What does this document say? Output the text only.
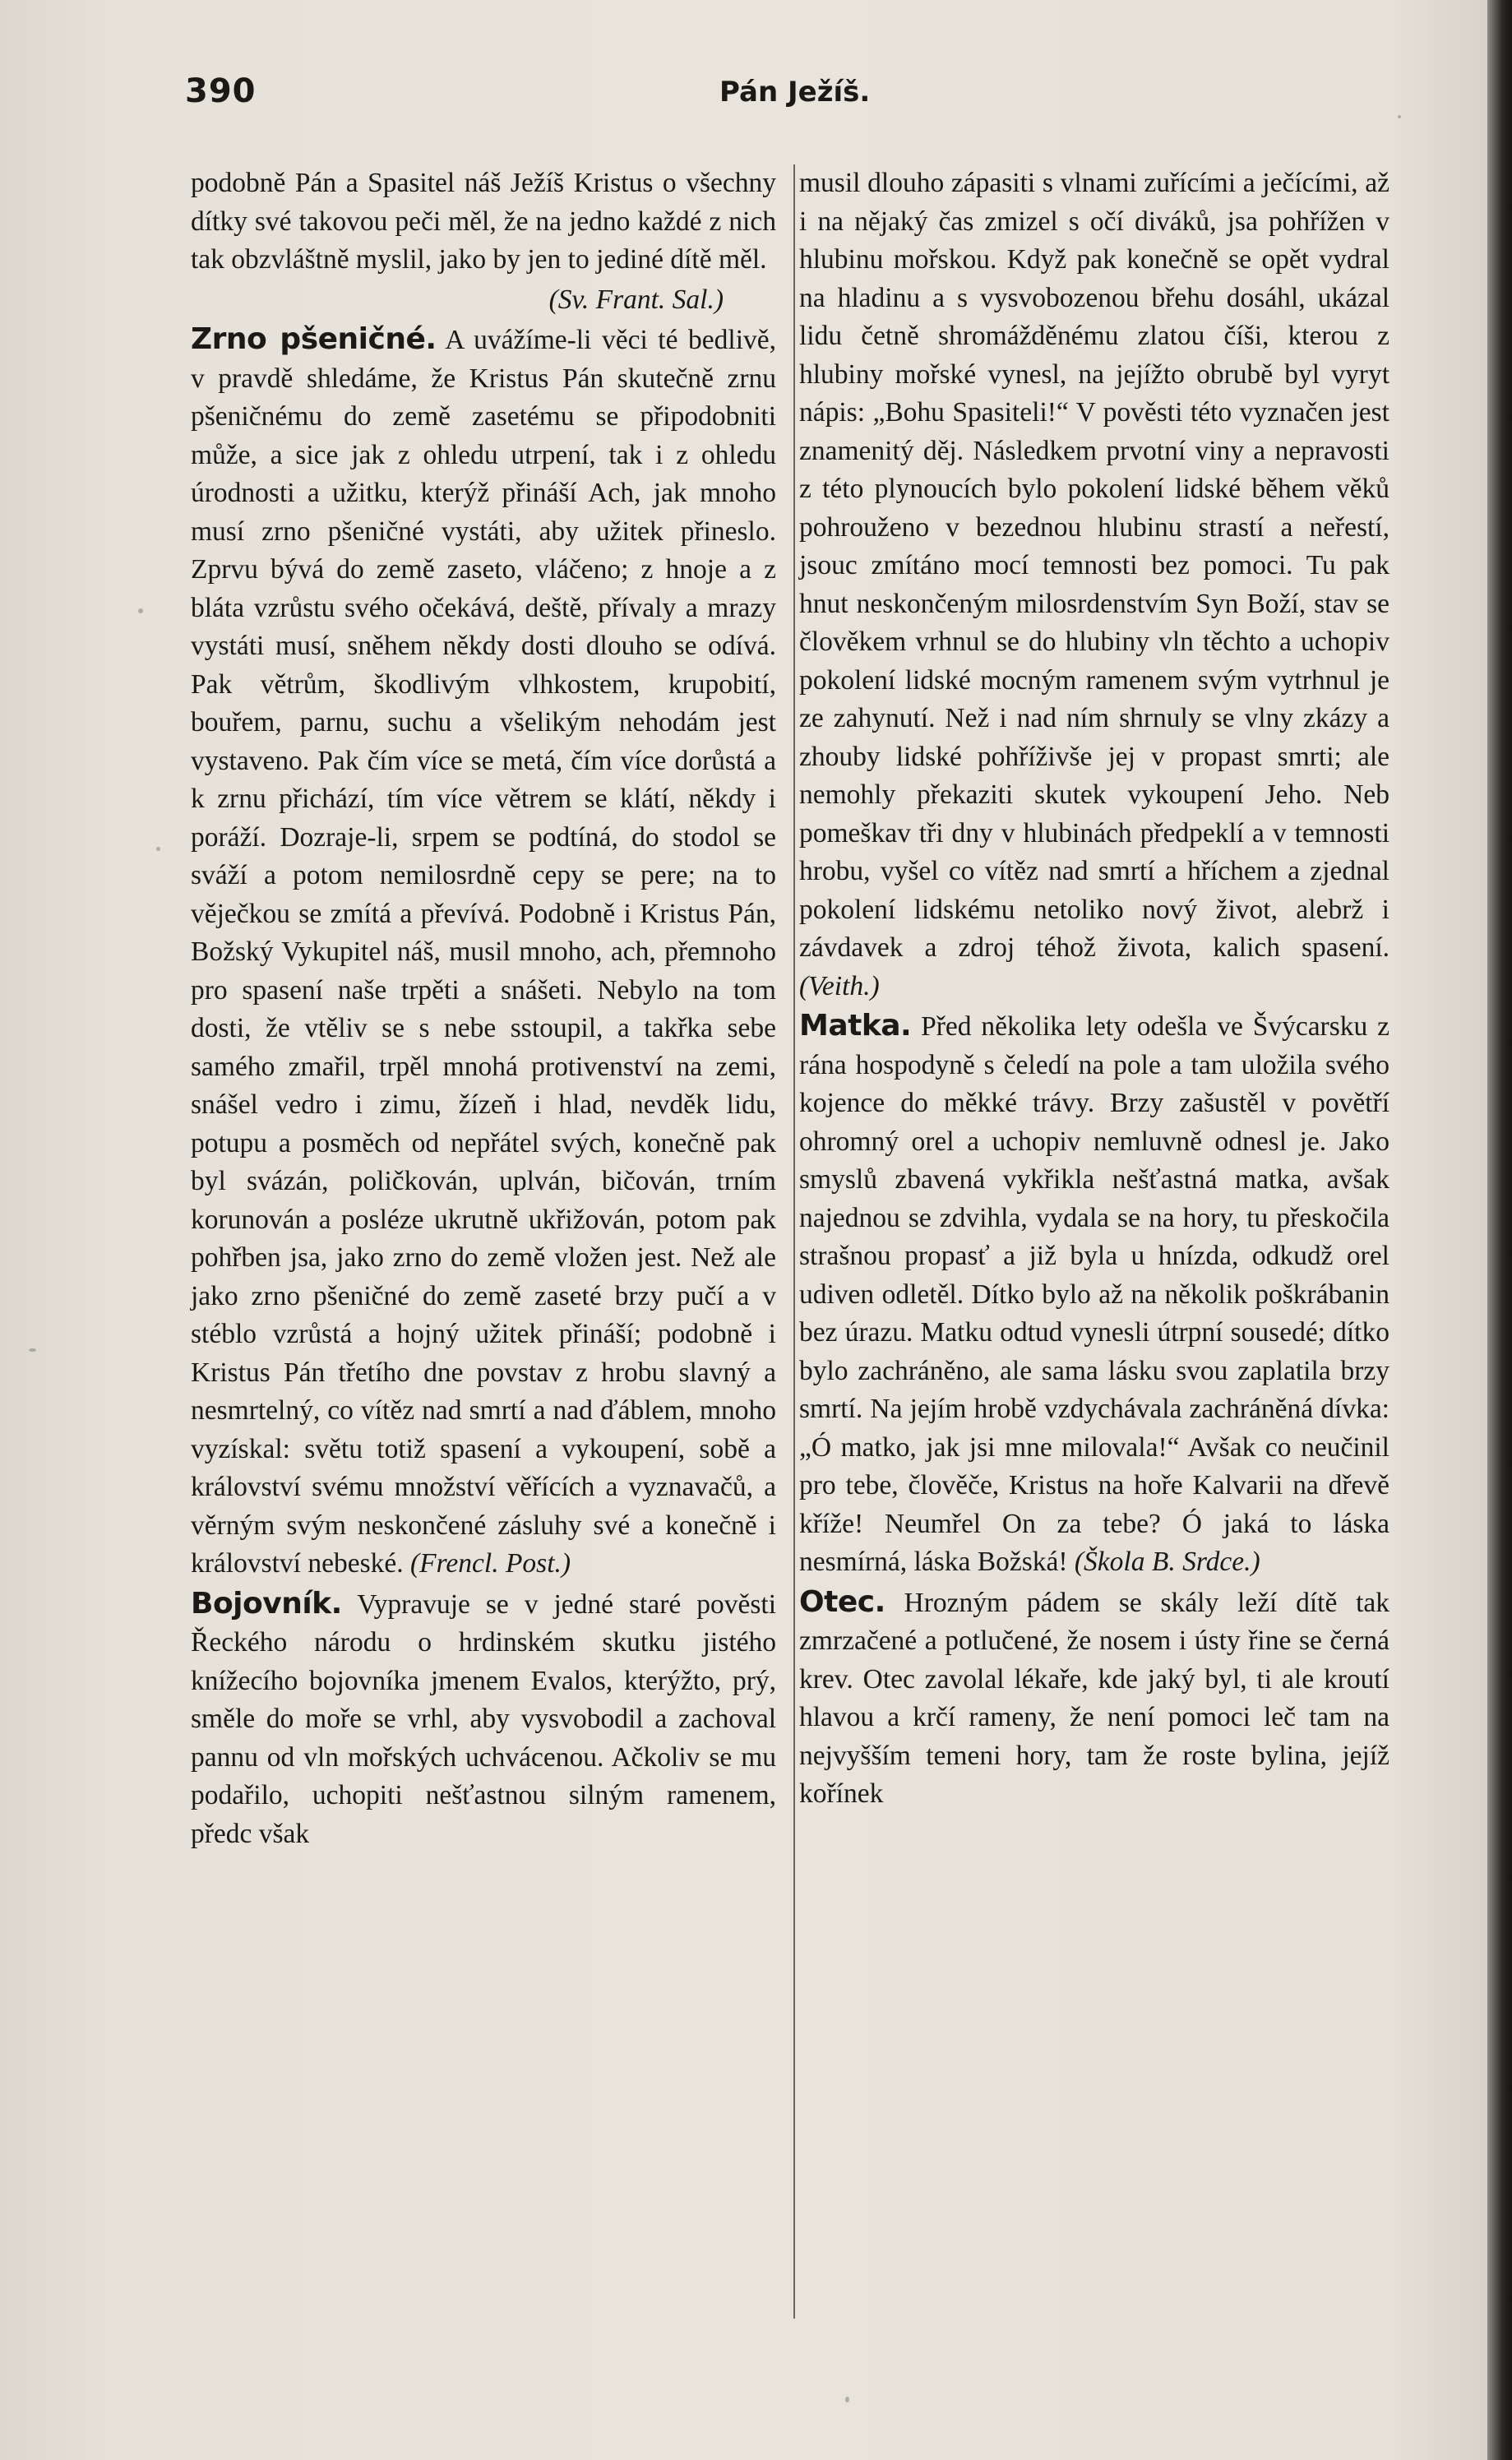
390	Pán Ježíš.

podobně Pán a Spasitel náš Ježíš Kristus o všechny dítky své takovou peči měl, že na jedno každé z nich tak obzvláštně myslil, jako by jen to jediné dítě měl.

(Sv. Frant. Sal.)

Zrno pšeničné. A uvážíme-li věci té bedlivě, v pravdě shledáme, že Kristus Pán skutečně zrnu pšeničnému do země zasetému se připodobniti může, a sice jak z ohledu utrpení, tak i z ohledu úrodnosti a užitku, kterýž přináší Ach, jak mnoho musí zrno pšeničné vystáti, aby užitek přineslo. Zprvu bývá do země zaseto, vláčeno; z hnoje a z bláta vzrůstu svého očekává, deště, přívaly a mrazy vystáti musí, sněhem někdy dosti dlouho se odívá. Pak větrům, škodlivým vlhkostem, krupobití, bouřem, parnu, suchu a všelikým nehodám jest vystaveno. Pak čím více se metá, čím více dorůstá a k zrnu přichází, tím více větrem se klátí, někdy i poráží. Dozraje-li, srpem se podtíná, do stodol se sváží a potom nemilosrdně cepy se pere; na to věječkou se zmítá a převívá. Podobně i Kristus Pán, Božský Vykupitel náš, musil mnoho, ach, přemnoho pro spasení naše trpěti a snášeti. Nebylo na tom dosti, že vtěliv se s nebe sstoupil, a takřka sebe samého zmařil, trpěl mnohá protivenství na zemi, snášel vedro i zimu, žízeň i hlad, nevděk lidu, potupu a posměch od nepřátel svých, konečně pak byl svázán, poličkován, uplván, bičován, trním korunován a posléze ukrutně ukřižován, potom pak pohřben jsa, jako zrno do země vložen jest. Než ale jako zrno pšeničné do země zaseté brzy pučí a v stéblo vzrůstá a hojný užitek přináší; podobně i Kristus Pán třetího dne povstav z hrobu slavný a nesmrtelný, co vítěz nad smrtí a nad ďáblem, mnoho vyzískal: světu totiž spasení a vykoupení, sobě a království svému množství věřících a vyznavačů, a věrným svým neskončené zásluhy své a konečně i království nebeské. (Frencl. Post.)

Bojovník. Vypravuje se v jedné staré pověsti Řeckého národu o hrdinském skutku jistého knížecího bojovníka jmenem Evalos, kterýžto, prý, směle do moře se vrhl, aby vysvobodil a zachoval pannu od vln mořských uchvácenou. Ačkoliv se mu podařilo, uchopiti nešťastnou silným ramenem, předc však

musil dlouho zápasiti s vlnami zuřícími a ječícími, až i na nějaký čas zmizel s očí diváků, jsa pohřížen v hlubinu mořskou. Když pak konečně se opět vydral na hladinu a s vysvobozenou břehu dosáhl, ukázal lidu četně shromážděnému zlatou číši, kterou z hlubiny mořské vynesl, na jejížto obrubě byl vyryt nápis: „Bohu Spasiteli!“ V pověsti této vyznačen jest znamenitý děj. Následkem prvotní viny a nepravosti z této plynoucích bylo pokolení lidské během věků pohrouženo v bezednou hlubinu strastí a neřestí, jsouc zmítáno mocí temnosti bez pomoci. Tu pak hnut neskončeným milosrdenstvím Syn Boží, stav se člověkem vrhnul se do hlubiny vln těchto a uchopiv pokolení lidské mocným ramenem svým vytrhnul je ze zahynutí. Než i nad ním shrnuly se vlny zkázy a zhouby lidské pohříživše jej v propast smrti; ale nemohly překaziti skutek vykoupení Jeho. Neb pomeškav tři dny v hlubinách předpeklí a v temnosti hrobu, vyšel co vítěz nad smrtí a hříchem a zjednal pokolení lidskému netoliko nový život, alebrž i závdavek a zdroj téhož života, kalich spasení. (Veith.)

Matka. Před několika lety odešla ve Švýcarsku z rána hospodyně s čeledí na pole a tam uložila svého kojence do měkké trávy. Brzy zašustěl v povětří ohromný orel a uchopiv nemluvně odnesl je. Jako smyslů zbavená vykřikla nešťastná matka, avšak najednou se zdvihla, vydala se na hory, tu přeskočila strašnou propasť a již byla u hnízda, odkudž orel udiven odletěl. Dítko bylo až na několik poškrábanin bez úrazu. Matku odtud vynesli útrpní sousedé; dítko bylo zachráněno, ale sama lásku svou zaplatila brzy smrtí. Na jejím hrobě vzdychávala zachráněná dívka: „Ó matko, jak jsi mne milovala!“ Avšak co neučinil pro tebe, člověče, Kristus na hoře Kalvarii na dřevě kříže! Neumřel On za tebe? Ó jaká to láska nesmírná, láska Božská! (Škola B. Srdce.)

Otec. Hrozným pádem se skály leží dítě tak zmrzačené a potlučené, že nosem i ústy řine se černá krev. Otec zavolal lékaře, kde jaký byl, ti ale kroutí hlavou a krčí rameny, že není pomoci leč tam na nejvyšším temeni hory, tam že roste bylina, jejíž kořínek
